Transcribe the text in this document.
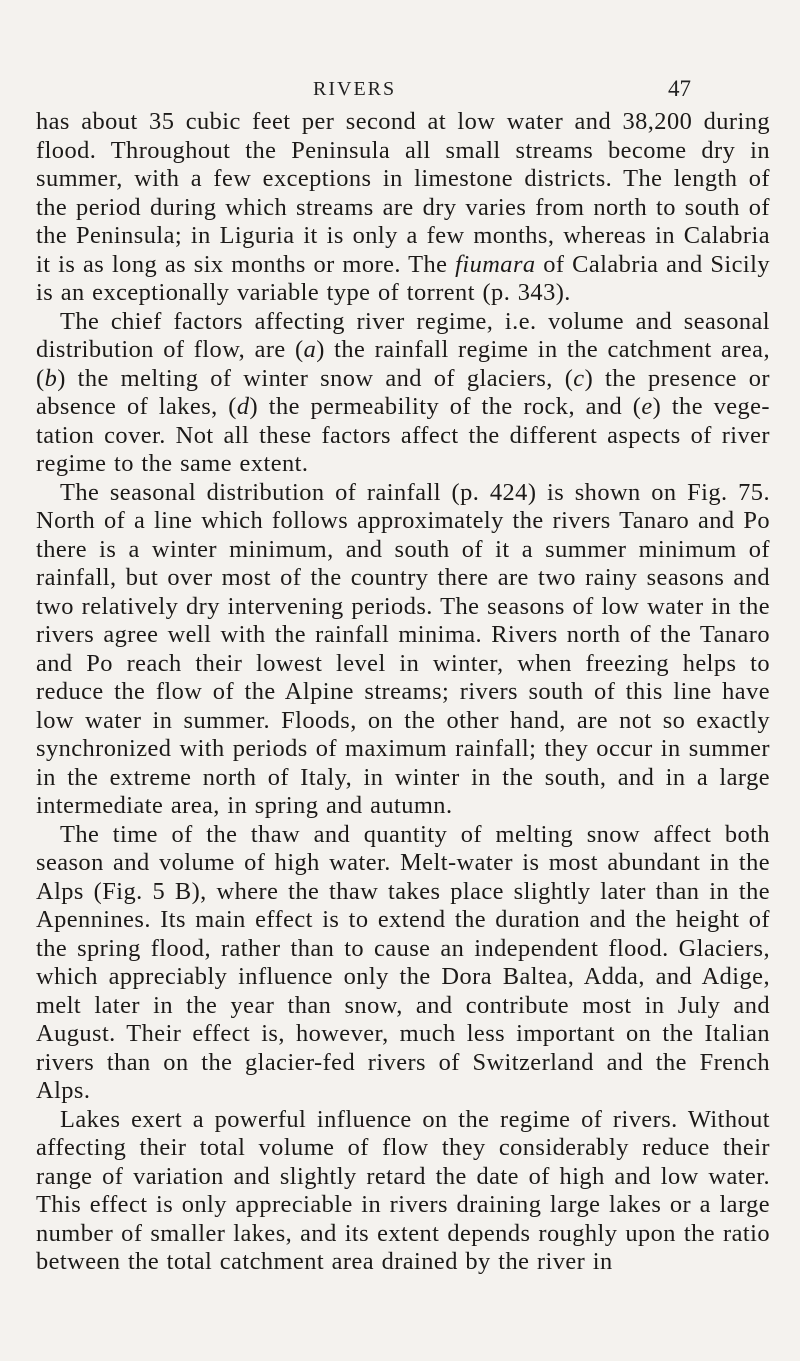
RIVERS	47

has about 35 cubic feet per second at low water and 38,200 during flood. Throughout the Peninsula all small streams become dry in summer, with a few exceptions in limestone districts. The length of the period during which streams are dry varies from north to south of the Peninsula; in Liguria it is only a few months, whereas in Calabria it is as long as six months or more. The fiumara of Calabria and Sicily is an exceptionally variable type of torrent (p. 343).

The chief factors affecting river regime, i.e. volume and seasonal distribution of flow, are (a) the rainfall regime in the catchment area, (b) the melting of winter snow and of glaciers, (c) the presence or absence of lakes, (d) the permeability of the rock, and (e) the vege- tation cover. Not all these factors affect the different aspects of river regime to the same extent.

The seasonal distribution of rainfall (p. 424) is shown on Fig. 75. North of a line which follows approximately the rivers Tanaro and Po there is a winter minimum, and south of it a summer minimum of rainfall, but over most of the country there are two rainy seasons and two relatively dry intervening periods. The seasons of low water in the rivers agree well with the rainfall minima. Rivers north of the Tanaro and Po reach their lowest level in winter, when freezing helps to reduce the flow of the Alpine streams; rivers south of this line have low water in summer. Floods, on the other hand, are not so exactly synchronized with periods of maximum rainfall; they occur in summer in the extreme north of Italy, in winter in the south, and in a large intermediate area, in spring and autumn.

The time of the thaw and quantity of melting snow affect both season and volume of high water. Melt-water is most abundant in the Alps (Fig. 5 B), where the thaw takes place slightly later than in the Apennines. Its main effect is to extend the duration and the height of the spring flood, rather than to cause an independent flood. Glaciers, which appreciably influence only the Dora Baltea, Adda, and Adige, melt later in the year than snow, and contribute most in July and August. Their effect is, however, much less important on the Italian rivers than on the glacier-fed rivers of Switzerland and the French Alps.

Lakes exert a powerful influence on the regime of rivers. Without affecting their total volume of flow they considerably reduce their range of variation and slightly retard the date of high and low water. This effect is only appreciable in rivers draining large lakes or a large number of smaller lakes, and its extent depends roughly upon the ratio between the total catchment area drained by the river in
